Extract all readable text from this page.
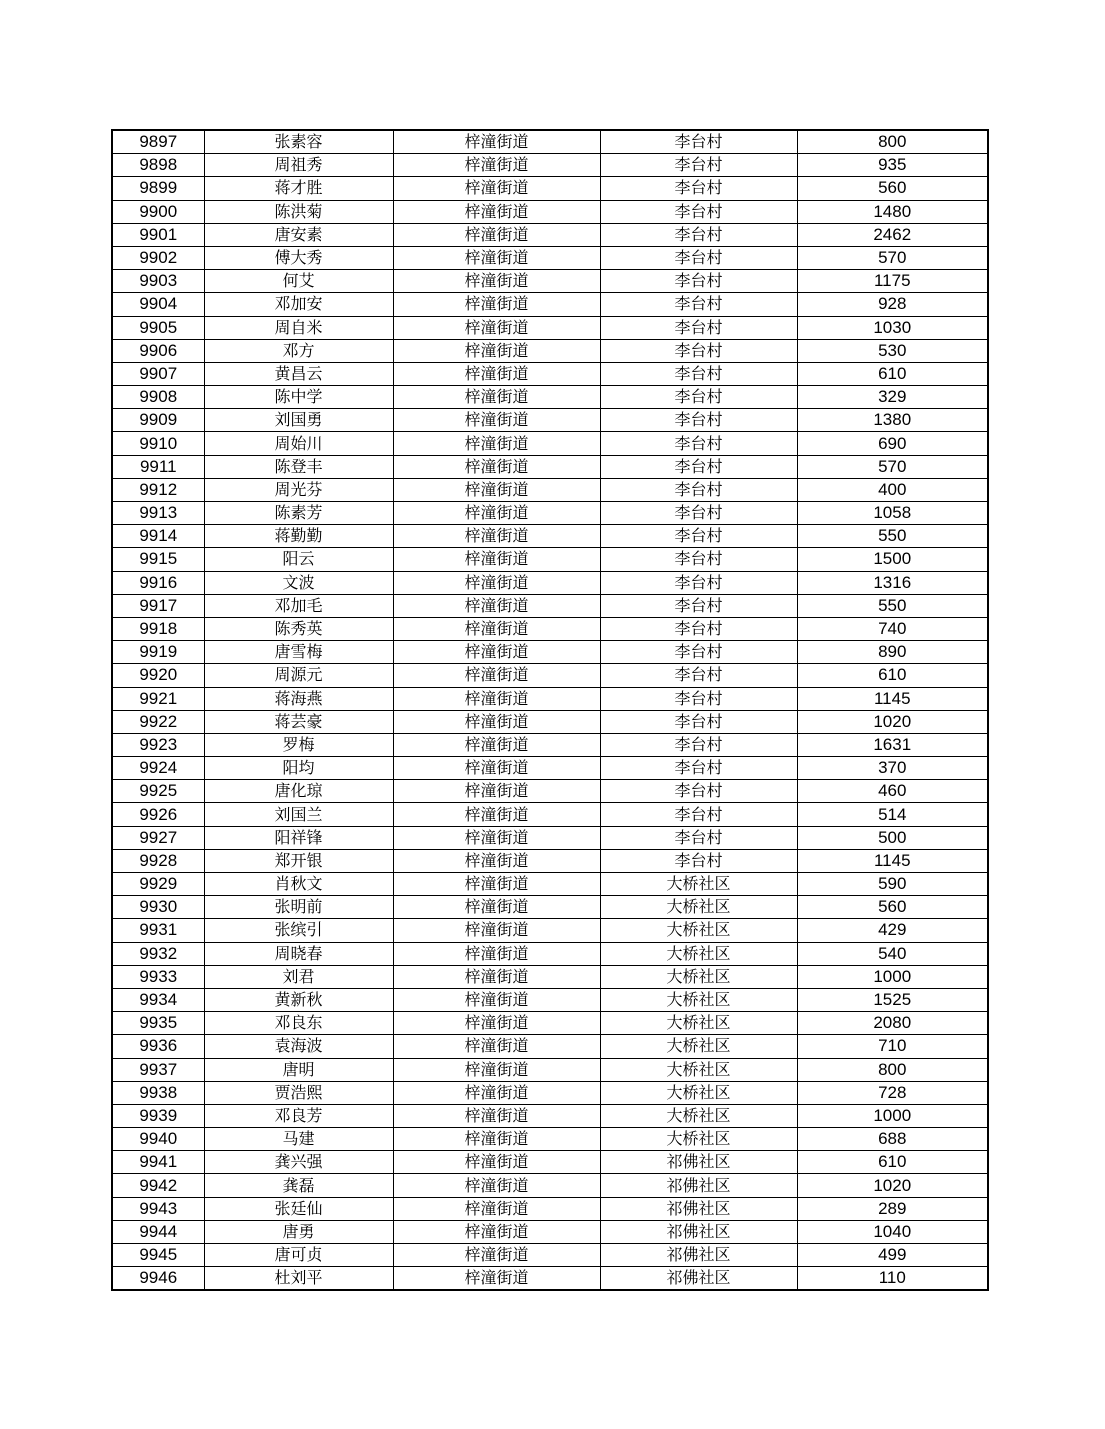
9897	张素容	梓潼街道	李台村	800
9898	周祖秀	梓潼街道	李台村	935
9899	蒋才胜	梓潼街道	李台村	560
9900	陈洪菊	梓潼街道	李台村	1480
9901	唐安素	梓潼街道	李台村	2462
9902	傅大秀	梓潼街道	李台村	570
9903	何艾	梓潼街道	李台村	1175
9904	邓加安	梓潼街道	李台村	928
9905	周自米	梓潼街道	李台村	1030
9906	邓方	梓潼街道	李台村	530
9907	黄昌云	梓潼街道	李台村	610
9908	陈中学	梓潼街道	李台村	329
9909	刘国勇	梓潼街道	李台村	1380
9910	周始川	梓潼街道	李台村	690
9911	陈登丰	梓潼街道	李台村	570
9912	周光芬	梓潼街道	李台村	400
9913	陈素芳	梓潼街道	李台村	1058
9914	蒋勤勤	梓潼街道	李台村	550
9915	阳云	梓潼街道	李台村	1500
9916	文波	梓潼街道	李台村	1316
9917	邓加毛	梓潼街道	李台村	550
9918	陈秀英	梓潼街道	李台村	740
9919	唐雪梅	梓潼街道	李台村	890
9920	周源元	梓潼街道	李台村	610
9921	蒋海燕	梓潼街道	李台村	1145
9922	蒋芸豪	梓潼街道	李台村	1020
9923	罗梅	梓潼街道	李台村	1631
9924	阳均	梓潼街道	李台村	370
9925	唐化琼	梓潼街道	李台村	460
9926	刘国兰	梓潼街道	李台村	514
9927	阳祥锋	梓潼街道	李台村	500
9928	郑开银	梓潼街道	李台村	1145
9929	肖秋文	梓潼街道	大桥社区	590
9930	张明前	梓潼街道	大桥社区	560
9931	张缤引	梓潼街道	大桥社区	429
9932	周晓春	梓潼街道	大桥社区	540
9933	刘君	梓潼街道	大桥社区	1000
9934	黄新秋	梓潼街道	大桥社区	1525
9935	邓良东	梓潼街道	大桥社区	2080
9936	袁海波	梓潼街道	大桥社区	710
9937	唐明	梓潼街道	大桥社区	800
9938	贾浩熙	梓潼街道	大桥社区	728
9939	邓良芳	梓潼街道	大桥社区	1000
9940	马建	梓潼街道	大桥社区	688
9941	龚兴强	梓潼街道	祁佛社区	610
9942	龚磊	梓潼街道	祁佛社区	1020
9943	张廷仙	梓潼街道	祁佛社区	289
9944	唐勇	梓潼街道	祁佛社区	1040
9945	唐可贞	梓潼街道	祁佛社区	499
9946	杜刘平	梓潼街道	祁佛社区	110
